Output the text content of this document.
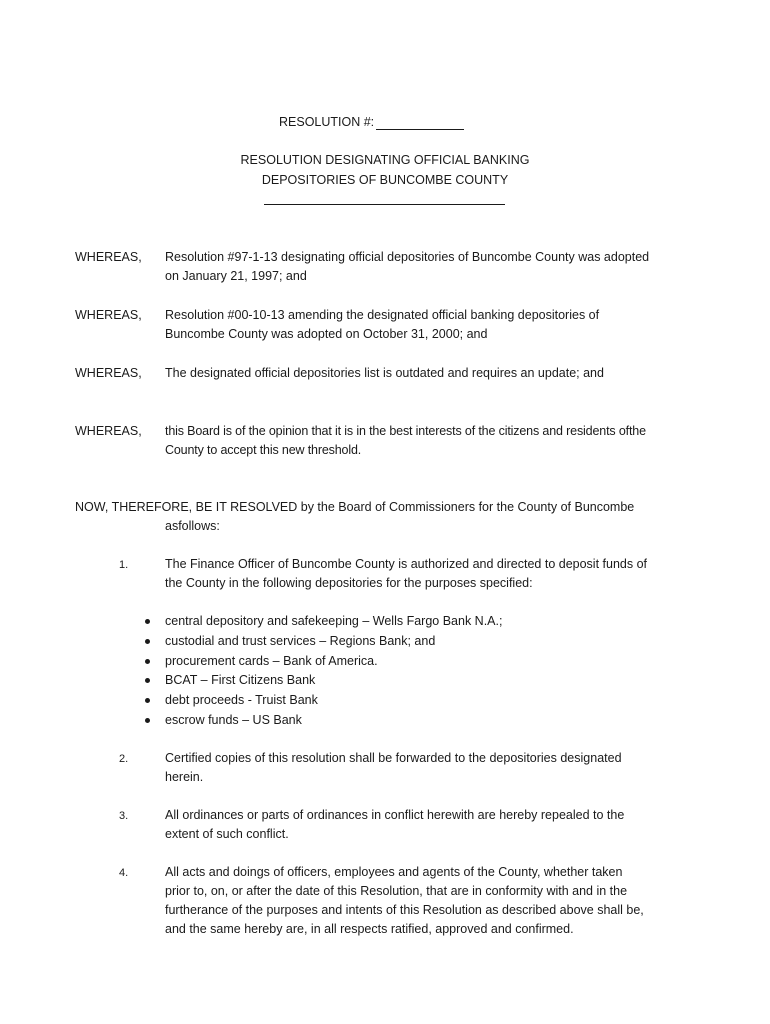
RESOLUTION #:
RESOLUTION DESIGNATING OFFICIAL BANKING
DEPOSITORIES OF BUNCOMBE COUNTY
WHEREAS, Resolution #97-1-13 designating official depositories of Buncombe County was adopted on January 21, 1997; and
WHEREAS, Resolution #00-10-13 amending the designated official banking depositories of Buncombe County was adopted on October 31, 2000; and
WHEREAS, The designated official depositories list is outdated and requires an update; and
WHEREAS, this Board is of the opinion that it is in the best interests of the citizens and residents ofthe County to accept this new threshold.
NOW, THEREFORE, BE IT RESOLVED by the Board of Commissioners for the County of Buncombe
asfollows:
1.	The Finance Officer of Buncombe County is authorized and directed to deposit funds of the County in the following depositories for the purposes specified:
central depository and safekeeping – Wells Fargo Bank N.A.;
custodial and trust services – Regions Bank; and
procurement cards – Bank of America.
BCAT – First Citizens Bank
debt proceeds - Truist Bank
escrow funds – US Bank
2.	Certified copies of this resolution shall be forwarded to the depositories designated herein.
3.	All ordinances or parts of ordinances in conflict herewith are hereby repealed to the extent of such conflict.
4.	All acts and doings of officers, employees and agents of the County, whether taken prior to, on, or after the date of this Resolution, that are in conformity with and in the furtherance of the purposes and intents of this Resolution as described above shall be, and the same hereby are, in all respects ratified, approved and confirmed.
